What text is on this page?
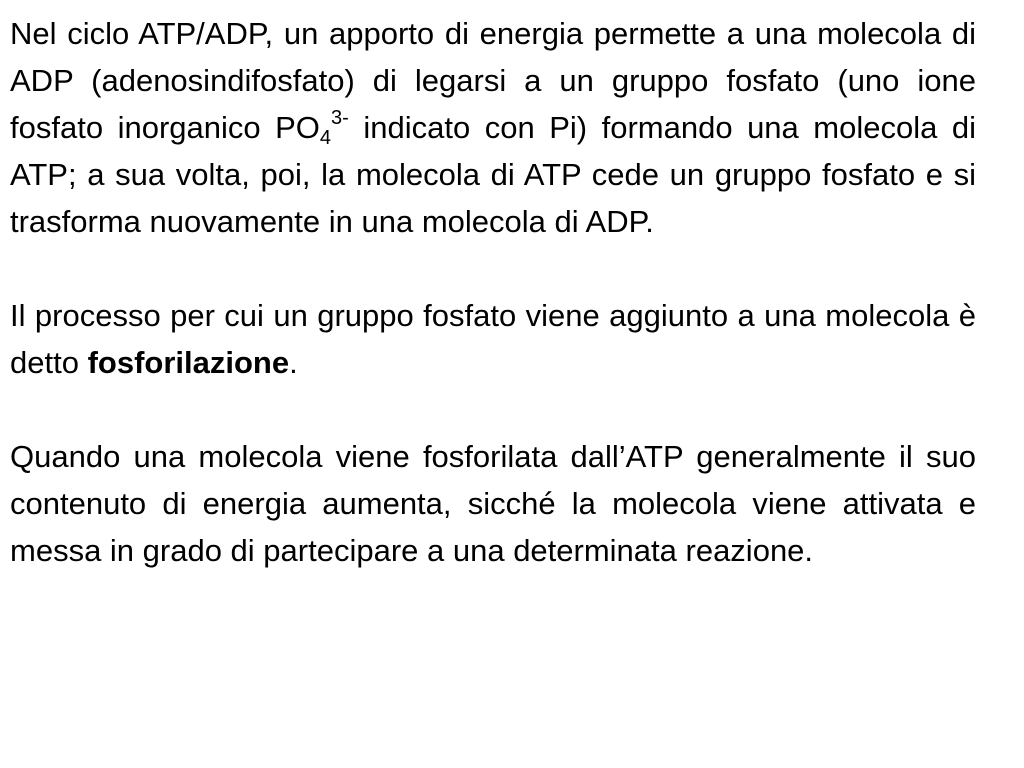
Nel ciclo ATP/ADP, un apporto di energia permette a una molecola di ADP (adenosindifosfato) di legarsi a un gruppo fosfato (uno ione fosfato inorganico $PO_4^{3-}$ indicato con Pi) formando una molecola di ATP; a sua volta, poi, la molecola di ATP cede un gruppo fosfato e si trasforma nuovamente in una molecola di ADP.

Il processo per cui un gruppo fosfato viene aggiunto a una molecola è detto fosforilazione.

Quando una molecola viene fosforilata dall’ATP generalmente il suo contenuto di energia aumenta, sicché la molecola viene attivata e messa in grado di partecipare a una determinata reazione.
